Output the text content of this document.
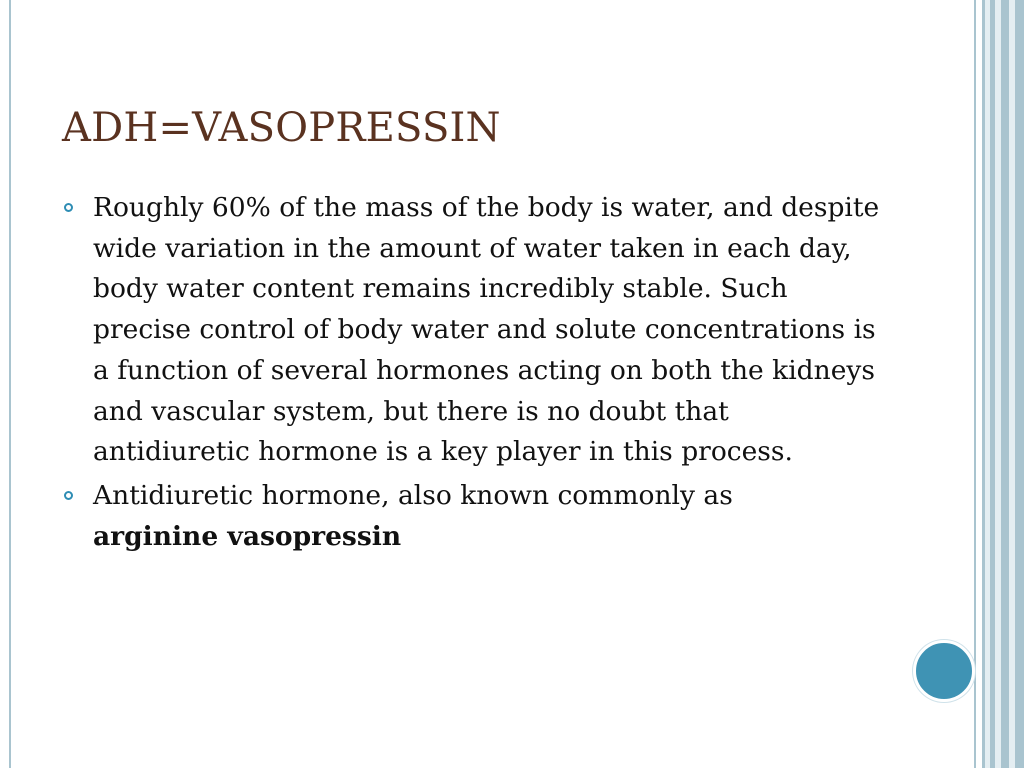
ADH=VASOPRESSIN
Roughly 60% of the mass of the body is water, and despite wide variation in the amount of water taken in each day, body water content remains incredibly stable. Such precise control of body water and solute concentrations is a function of several hormones acting on both the kidneys and vascular system, but there is no doubt that antidiuretic hormone is a key player in this process.
Antidiuretic hormone, also known commonly as
arginine vasopressin
